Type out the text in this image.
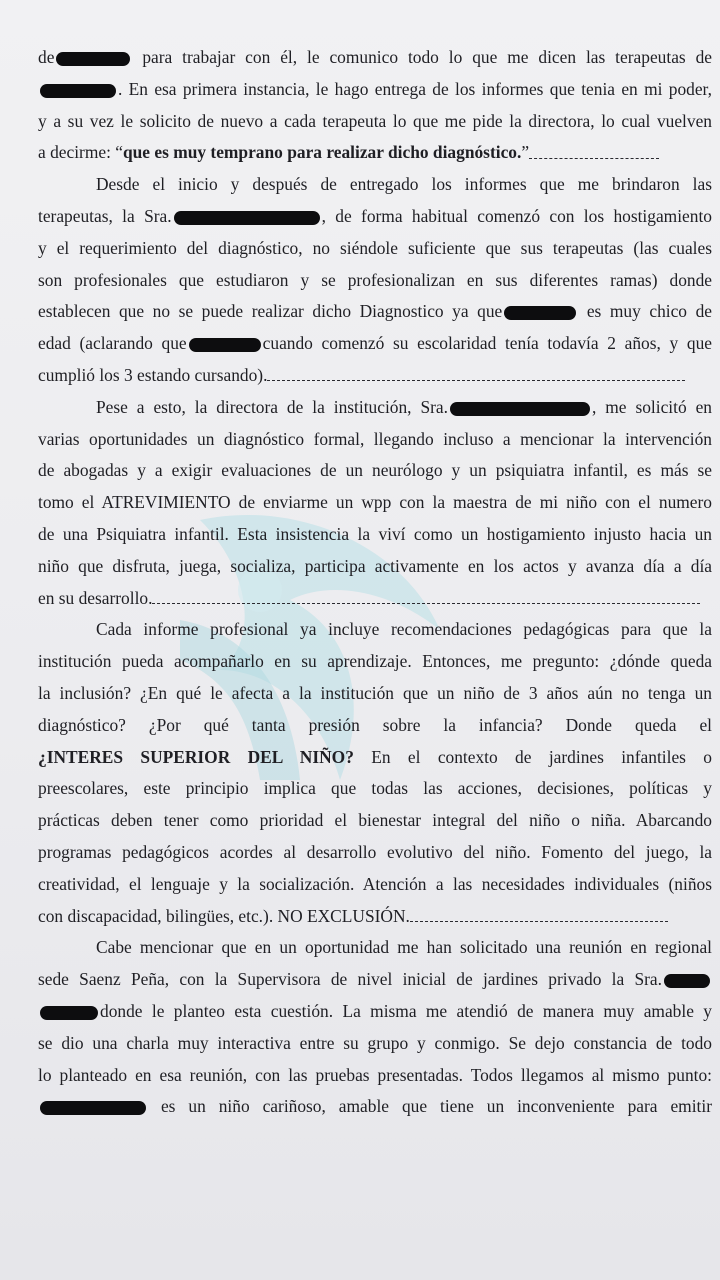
de	para trabajar con él, le comunico todo lo que me dicen las terapeutas de
. En esa primera instancia, le hago entrega de los informes que tenia en mi poder,
y a su vez le solicito de nuevo a cada terapeuta lo que me pide la directora, lo cual vuelven
a decirme: “que es muy temprano para realizar dicho diagnóstico.”
Desde el inicio y después de entregado los informes que me brindaron las
terapeutas, la Sra.	, de forma habitual comenzó con los hostigamiento
y el requerimiento del diagnóstico, no siéndole suficiente que sus terapeutas (las cuales
son profesionales que estudiaron y se profesionalizan en sus diferentes ramas) donde
establecen que no se puede realizar dicho Diagnostico ya que	es muy chico de
edad (aclarando que	cuando comenzó su escolaridad tenía todavía 2 años, y que
cumplió los 3 estando cursando).
Pese a esto, la directora de la institución, Sra.	, me solicitó en
varias oportunidades un diagnóstico formal, llegando incluso a mencionar la intervención
de abogadas y a exigir evaluaciones de un neurólogo y un psiquiatra infantil, es más se
tomo el ATREVIMIENTO de enviarme un wpp con la maestra de mi niño con el numero
de una Psiquiatra infantil. Esta insistencia la viví como un hostigamiento injusto hacia un
niño que disfruta, juega, socializa, participa activamente en los actos y avanza día a día
en su desarrollo.
Cada informe profesional ya incluye recomendaciones pedagógicas para que la
institución pueda acompañarlo en su aprendizaje. Entonces, me pregunto: ¿dónde queda
la inclusión? ¿En qué le afecta a la institución que un niño de 3 años aún no tenga un
diagnóstico? ¿Por qué tanta presión sobre la infancia? Donde queda el
¿INTERES SUPERIOR DEL NIÑO? En el contexto de jardines infantiles o
preescolares, este principio implica que todas las acciones, decisiones, políticas y
prácticas deben tener como prioridad el bienestar integral del niño o niña. Abarcando
programas pedagógicos acordes al desarrollo evolutivo del niño. Fomento del juego, la
creatividad, el lenguaje y la socialización. Atención a las necesidades individuales (niños
con discapacidad, bilingües, etc.). NO EXCLUSIÓN.
Cabe mencionar que en un oportunidad me han solicitado una reunión en regional
sede Saenz Peña, con la Supervisora de nivel inicial de jardines privado la Sra.
donde le planteo esta cuestión. La misma me atendió de manera muy amable y
se dio una charla muy interactiva entre su grupo y conmigo. Se dejo constancia de todo
lo planteado en esa reunión, con las pruebas presentadas. Todos llegamos al mismo punto:
es un niño cariñoso, amable que tiene un inconveniente para emitir
